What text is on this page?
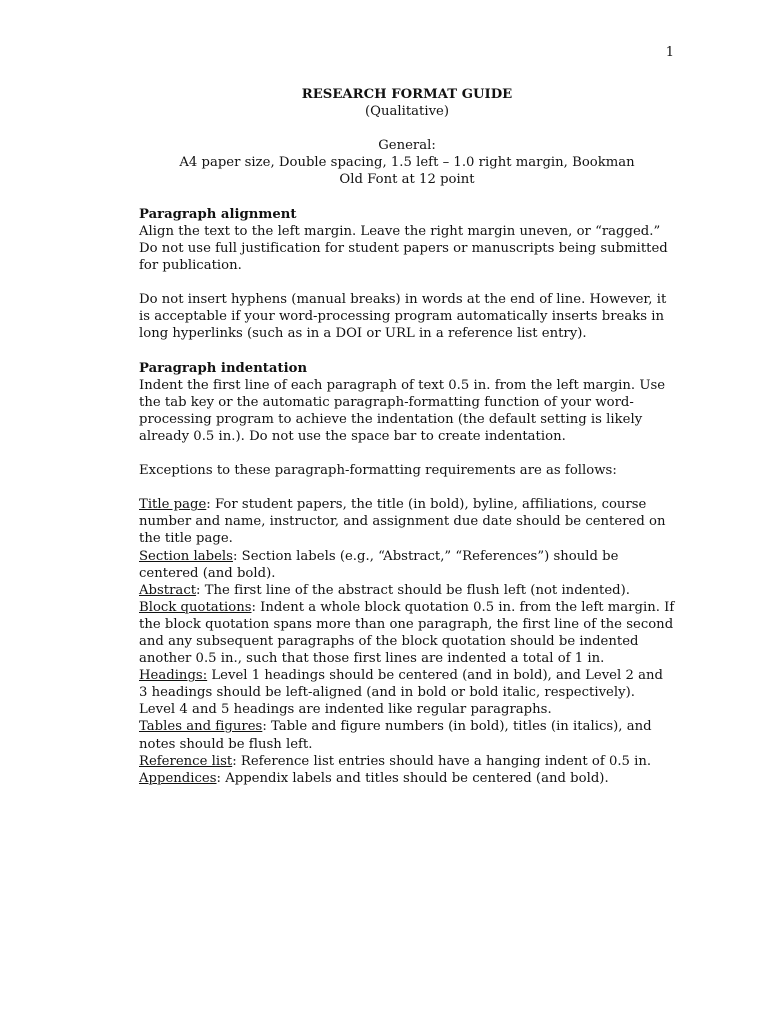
1
RESEARCH FORMAT GUIDE
(Qualitative)
General:
A4 paper size, Double spacing, 1.5 left – 1.0 right margin, Bookman
Old Font at 12 point
Paragraph alignment

Align the text to the left margin. Leave the right margin uneven, or “ragged.” Do not use full justification for student papers or manuscripts being submitted for publication.

Do not insert hyphens (manual breaks) in words at the end of line. However, it is acceptable if your word-processing program automatically inserts breaks in long hyperlinks (such as in a DOI or URL in a reference list entry).

Paragraph indentation

Indent the first line of each paragraph of text 0.5 in. from the left margin. Use the tab key or the automatic paragraph-formatting function of your word-processing program to achieve the indentation (the default setting is likely already 0.5 in.). Do not use the space bar to create indentation.

Exceptions to these paragraph-formatting requirements are as follows:

Title page: For student papers, the title (in bold), byline, affiliations, course number and name, instructor, and assignment due date should be centered on the title page.

Section labels: Section labels (e.g., “Abstract,” “References”) should be centered (and bold).

Abstract: The first line of the abstract should be flush left (not indented).

Block quotations: Indent a whole block quotation 0.5 in. from the left margin. If the block quotation spans more than one paragraph, the first line of the second and any subsequent paragraphs of the block quotation should be indented another 0.5 in., such that those first lines are indented a total of 1 in.

Headings: Level 1 headings should be centered (and in bold), and Level 2 and 3 headings should be left-aligned (and in bold or bold italic, respectively). Level 4 and 5 headings are indented like regular paragraphs.

Tables and figures: Table and figure numbers (in bold), titles (in italics), and notes should be flush left.

Reference list: Reference list entries should have a hanging indent of 0.5 in.

Appendices: Appendix labels and titles should be centered (and bold).
